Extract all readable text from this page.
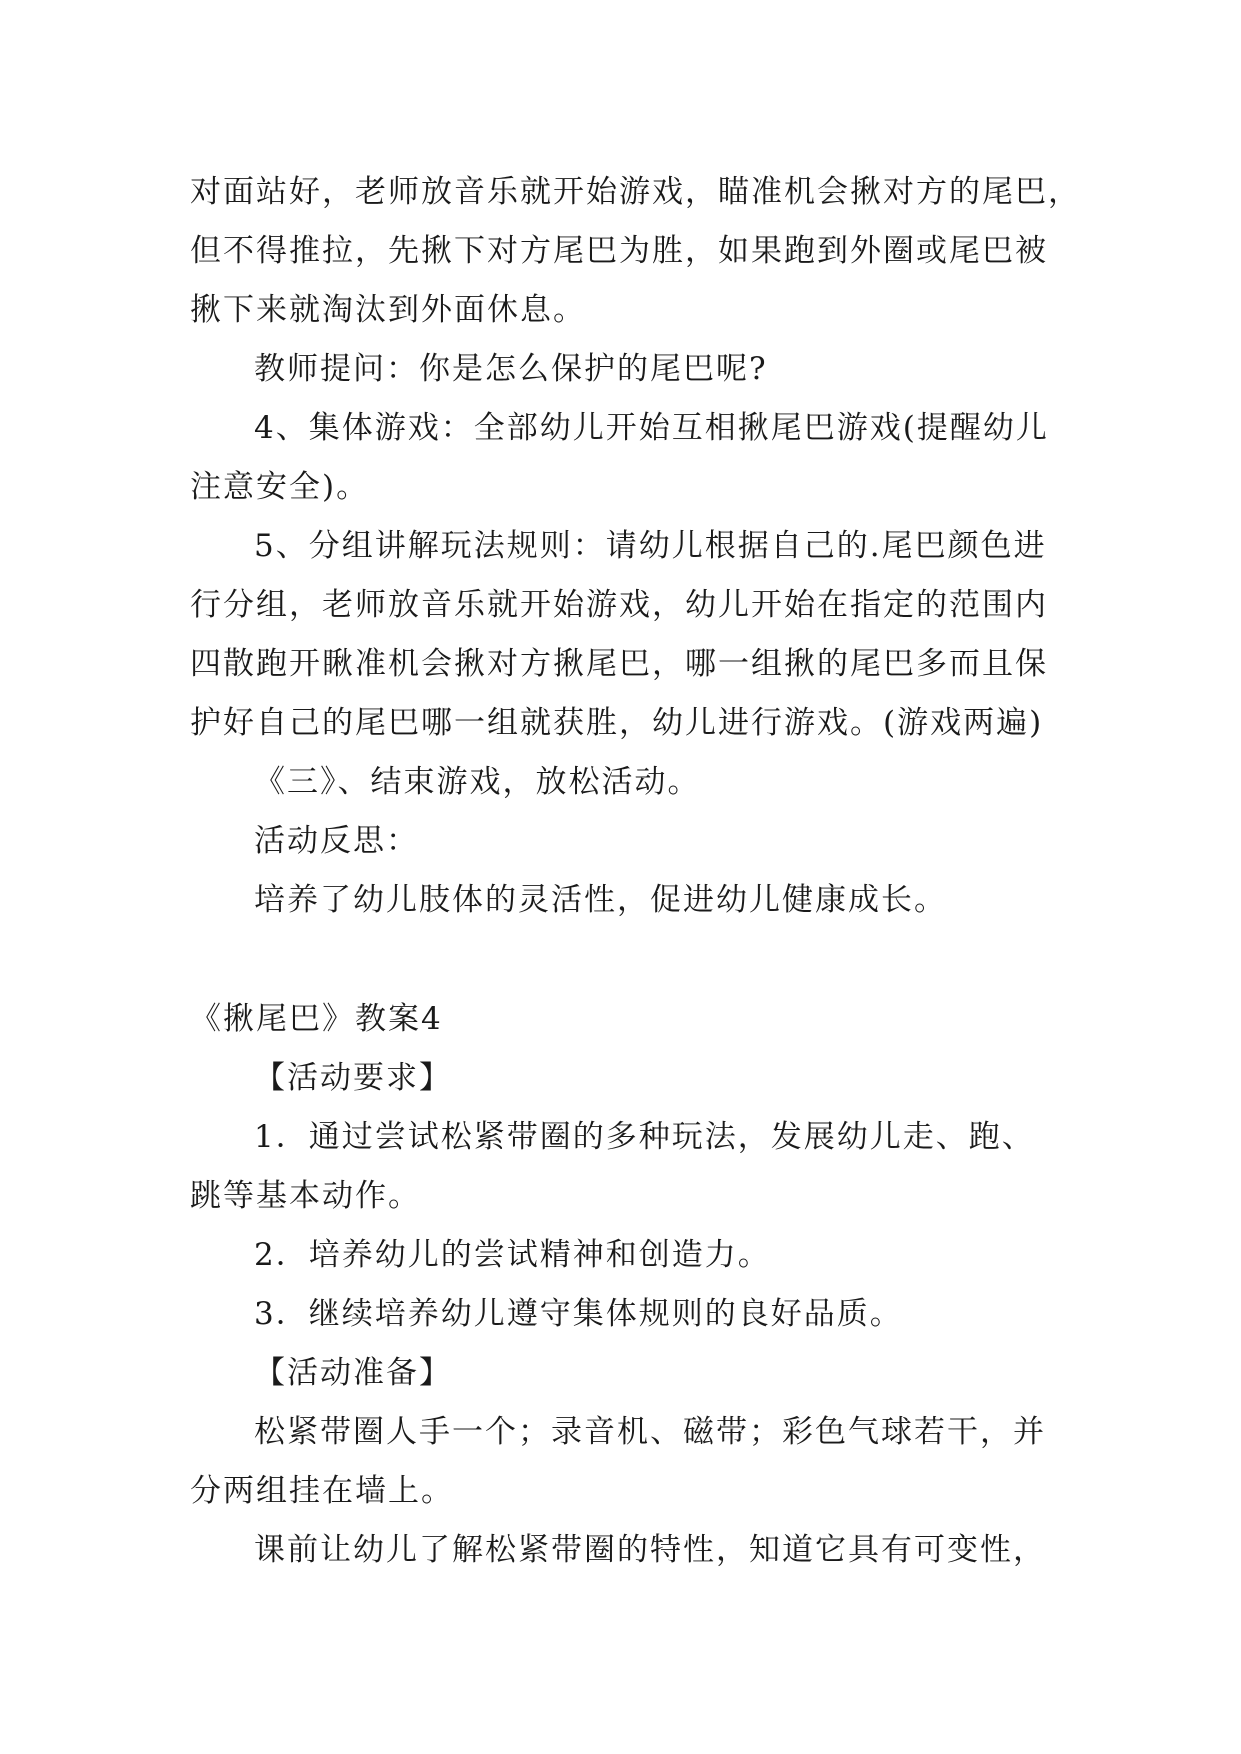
对面站好，老师放音乐就开始游戏，瞄准机会揪对方的尾巴，
但不得推拉，先揪下对方尾巴为胜，如果跑到外圈或尾巴被
揪下来就淘汰到外面休息。
教师提问：你是怎么保护的尾巴呢?
4、集体游戏：全部幼儿开始互相揪尾巴游戏(提醒幼儿
注意安全)。
5、分组讲解玩法规则：请幼儿根据自己的.尾巴颜色进
行分组，老师放音乐就开始游戏，幼儿开始在指定的范围内
四散跑开瞅准机会揪对方揪尾巴，哪一组揪的尾巴多而且保
护好自己的尾巴哪一组就获胜，幼儿进行游戏。(游戏两遍)
《三》、结束游戏，放松活动。
活动反思：
培养了幼儿肢体的灵活性，促进幼儿健康成长。
《揪尾巴》教案4
【活动要求】
1．通过尝试松紧带圈的多种玩法，发展幼儿走、跑、
跳等基本动作。
2．培养幼儿的尝试精神和创造力。
3．继续培养幼儿遵守集体规则的良好品质。
【活动准备】
松紧带圈人手一个；录音机、磁带；彩色气球若干，并
分两组挂在墙上。
课前让幼儿了解松紧带圈的特性，知道它具有可变性，
